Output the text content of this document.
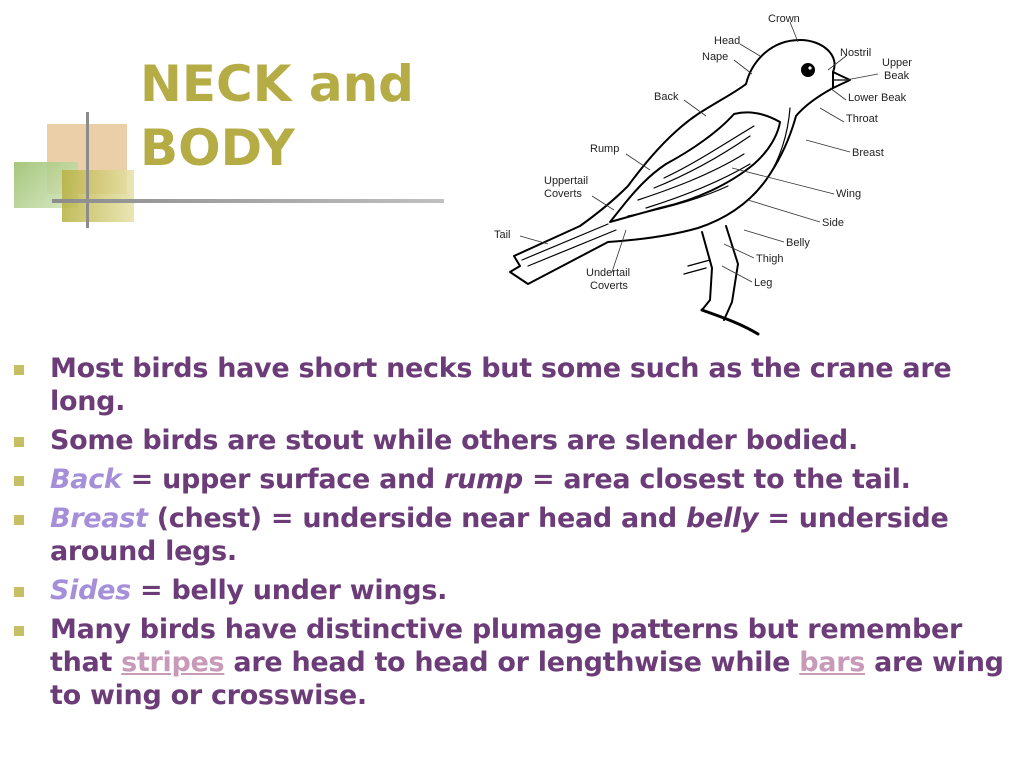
NECK and
BODY
Crown
Head
Nape	Nostril
Upper
Beak
Back	Lower Beak
Throat
Rump	Breast
Uppertail
Coverts	Wing
Side
Tail
Belly
Thigh
Undertail
Coverts	Leg
Most birds have short necks but some such as the crane are long.
Some birds are stout while others are slender bodied.
Back = upper surface and rump = area closest to the tail.
Breast (chest) = underside near head and belly = underside around legs.
Sides = belly under wings.
Many birds have distinctive plumage patterns but remember that stripes are head to head or lengthwise while bars are wing to wing or crosswise.
